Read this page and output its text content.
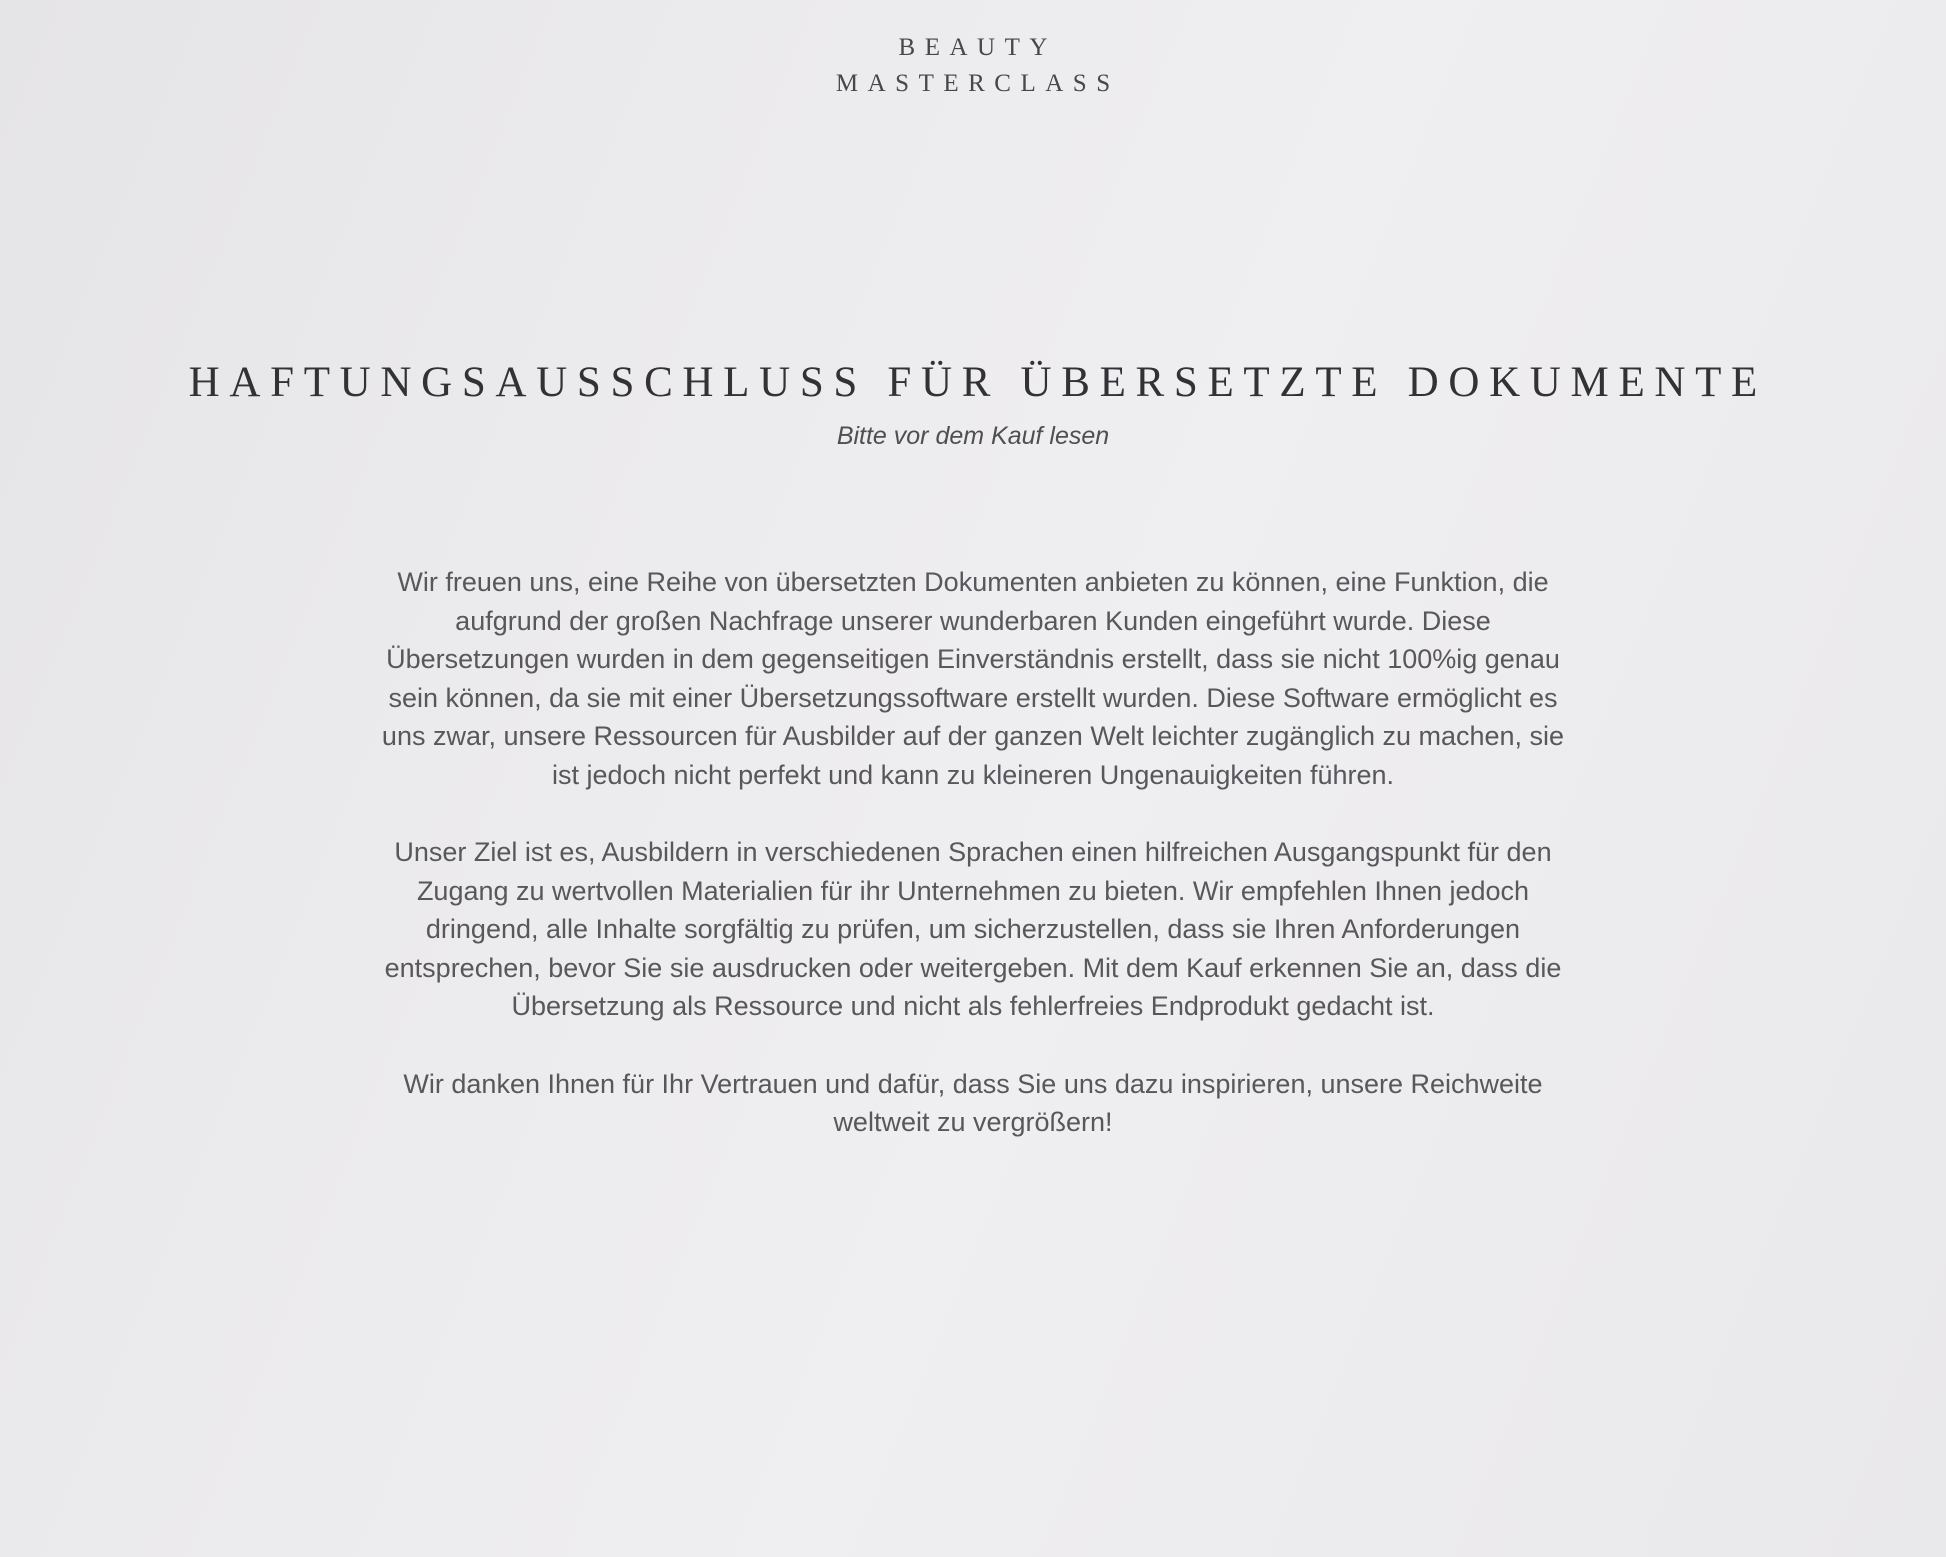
BEAUTY
MASTERCLASS
HAFTUNGSAUSSCHLUSS FÜR ÜBERSETZTE DOKUMENTE

Bitte vor dem Kauf lesen

Wir freuen uns, eine Reihe von übersetzten Dokumenten anbieten zu können, eine Funktion, die aufgrund der großen Nachfrage unserer wunderbaren Kunden eingeführt wurde. Diese Übersetzungen wurden in dem gegenseitigen Einverständnis erstellt, dass sie nicht 100%ig genau sein können, da sie mit einer Übersetzungssoftware erstellt wurden. Diese Software ermöglicht es uns zwar, unsere Ressourcen für Ausbilder auf der ganzen Welt leichter zugänglich zu machen, sie ist jedoch nicht perfekt und kann zu kleineren Ungenauigkeiten führen.

Unser Ziel ist es, Ausbildern in verschiedenen Sprachen einen hilfreichen Ausgangspunkt für den Zugang zu wertvollen Materialien für ihr Unternehmen zu bieten. Wir empfehlen Ihnen jedoch dringend, alle Inhalte sorgfältig zu prüfen, um sicherzustellen, dass sie Ihren Anforderungen entsprechen, bevor Sie sie ausdrucken oder weitergeben. Mit dem Kauf erkennen Sie an, dass die Übersetzung als Ressource und nicht als fehlerfreies Endprodukt gedacht ist.

Wir danken Ihnen für Ihr Vertrauen und dafür, dass Sie uns dazu inspirieren, unsere Reichweite weltweit zu vergrößern!
